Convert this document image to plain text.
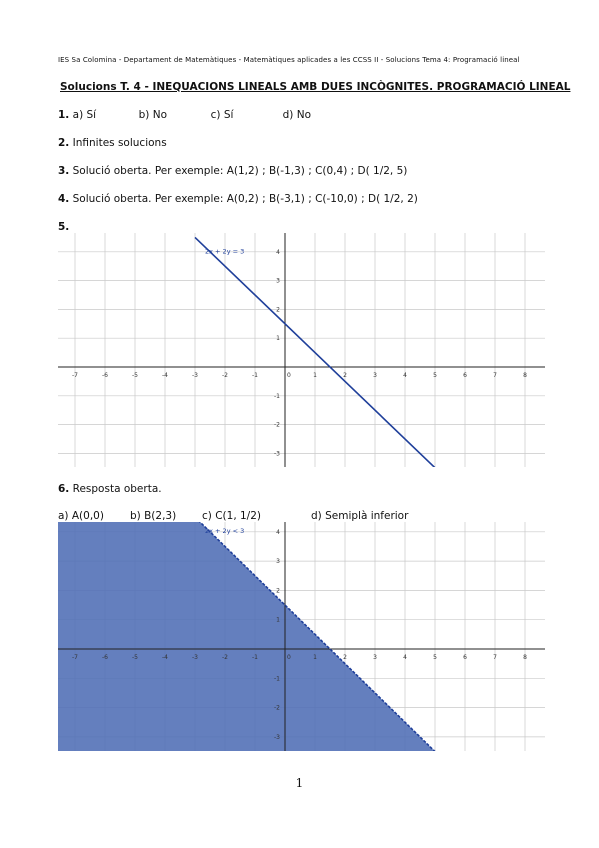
IES Sa Colomina - Departament de Matemàtiques - Matemàtiques aplicades a les CCSS II - Solucions Tema 4: Programació lineal
Solucions T. 4 - INEQUACIONS LINEALS AMB DUES INCÒGNITES. PROGRAMACIÓ LINEAL
1. a) Sí	b) No	c) Sí	d) No
2. Infinites solucions
3. Solució oberta. Per exemple: A(1,2) ; B(-1,3) ; C(0,4) ; D( 1/2, 5)
4. Solució oberta. Per exemple: A(0,2) ; B(-3,1) ; C(-10,0) ; D( 1/2, 2)
5.
-7	-6	-5	-4	-3	-2	-1	1	2	3	4	5	6	7	8
-3
-2
-1
1
2
3
4
0
2x + 2y = 3
6. Resposta oberta.
a) A(0,0) b) B(2,3) c) C(1, 1/2)	d) Semiplà inferior
-7	-6	-5	-4	-3	-2	-1	1	2	3	4	5	6	7	8
-3
-2
-1
1
2
3
4
0
2x + 2y < 3
1
